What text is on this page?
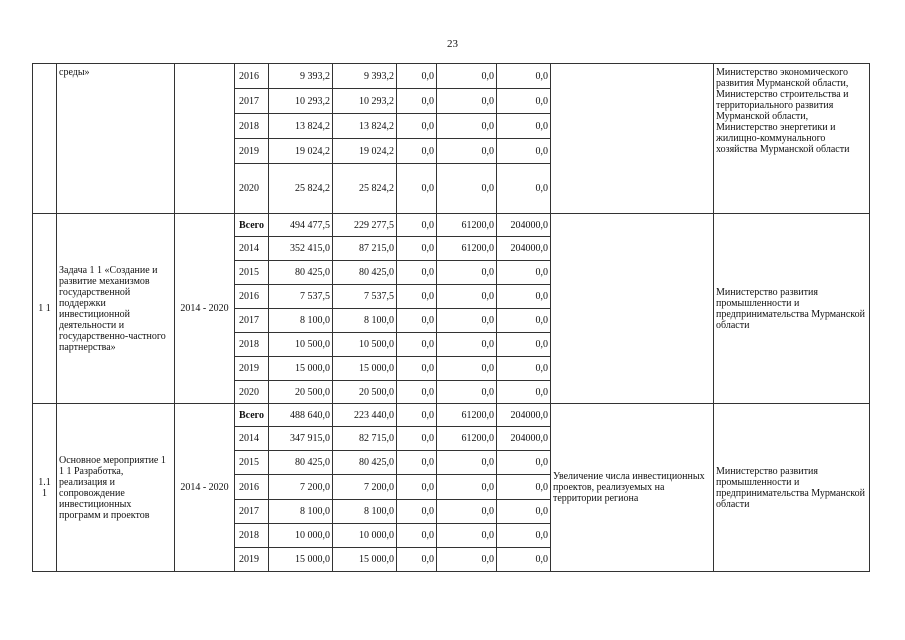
23
	среды»		2016	9 393,2	9 393,2	0,0	0,0	0,0		Министерство экономического развития Мурманской области, Министерство строительства и территориального развития Мурманской области, Министерство энергетики и жилищно-коммунального хозяйства Мурманской области
			2017	10 293,2	10 293,2	0,0	0,0	0,0		
			2018	13 824,2	13 824,2	0,0	0,0	0,0		
			2019	19 024,2	19 024,2	0,0	0,0	0,0		
			2020	25 824,2	25 824,2	0,0	0,0	0,0		
1 1	Задача 1 1 «Создание и развитие механизмов государственной поддержки инвестиционной деятельности и государственно-частного партнерства»	2014 - 2020	Всего	494 477,5	229 277,5	0,0	61200,0	204000,0		Министерство развития промышленности и предпринимательства Мурманской области
			2014	352 415,0	87 215,0	0,0	61200,0	204000,0		
			2015	80 425,0	80 425,0	0,0	0,0	0,0		
			2016	7 537,5	7 537,5	0,0	0,0	0,0		
			2017	8 100,0	8 100,0	0,0	0,0	0,0		
			2018	10 500,0	10 500,0	0,0	0,0	0,0		
			2019	15 000,0	15 000,0	0,0	0,0	0,0		
			2020	20 500,0	20 500,0	0,0	0,0	0,0		
1.1 1	Основное мероприятие 1 1 1 Разработка, реализация и сопровождение инвестиционных программ и проектов	2014 - 2020	Всего	488 640,0	223 440,0	0,0	61200,0	204000,0	Увеличение числа инвестиционных проектов, реализуемых на территории региона	Министерство развития промышленности и предпринимательства Мурманской области
			2014	347 915,0	82 715,0	0,0	61200,0	204000,0		
			2015	80 425,0	80 425,0	0,0	0,0	0,0		
			2016	7 200,0	7 200,0	0,0	0,0	0,0		
			2017	8 100,0	8 100,0	0,0	0,0	0,0		
			2018	10 000,0	10 000,0	0,0	0,0	0,0		
			2019	15 000,0	15 000,0	0,0	0,0	0,0		
